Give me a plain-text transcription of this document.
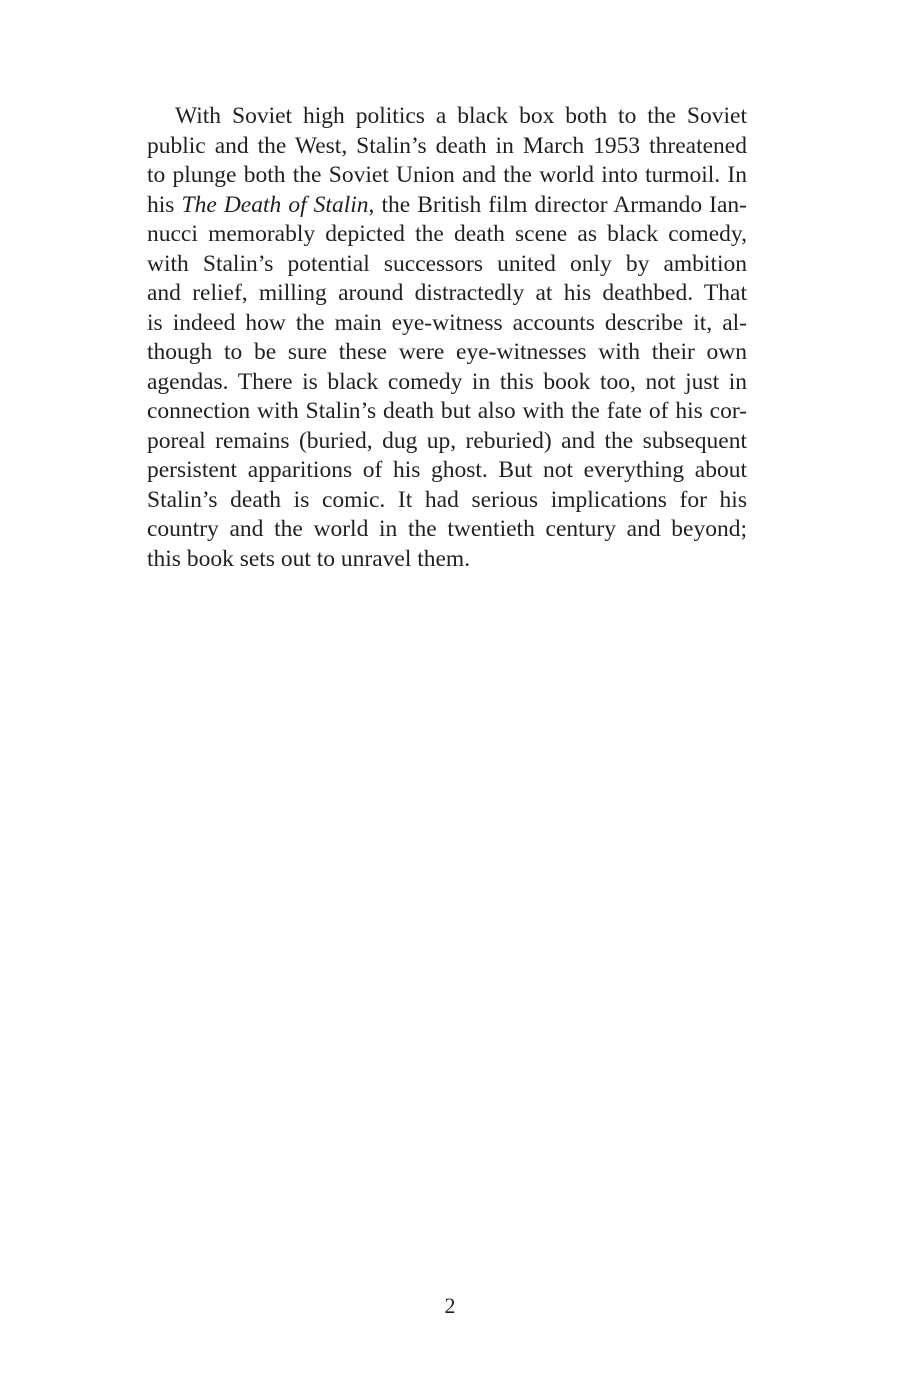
With Soviet high politics a black box both to the Soviet
public and the West, Stalin’s death in March 1953 threatened
to plunge both the Soviet Union and the world into turmoil. In
his The Death of Stalin, the British film director Armando Ian-
nucci memorably depicted the death scene as black comedy,
with Stalin’s potential successors united only by ambition
and relief, milling around distractedly at his deathbed. That
is indeed how the main eye-witness accounts describe it, al-
though to be sure these were eye-witnesses with their own
agendas. There is black comedy in this book too, not just in
connection with Stalin’s death but also with the fate of his cor-
poreal remains (buried, dug up, reburied) and the subsequent
persistent apparitions of his ghost. But not everything about
Stalin’s death is comic. It had serious implications for his
country and the world in the twentieth century and beyond;
this book sets out to unravel them.
2
